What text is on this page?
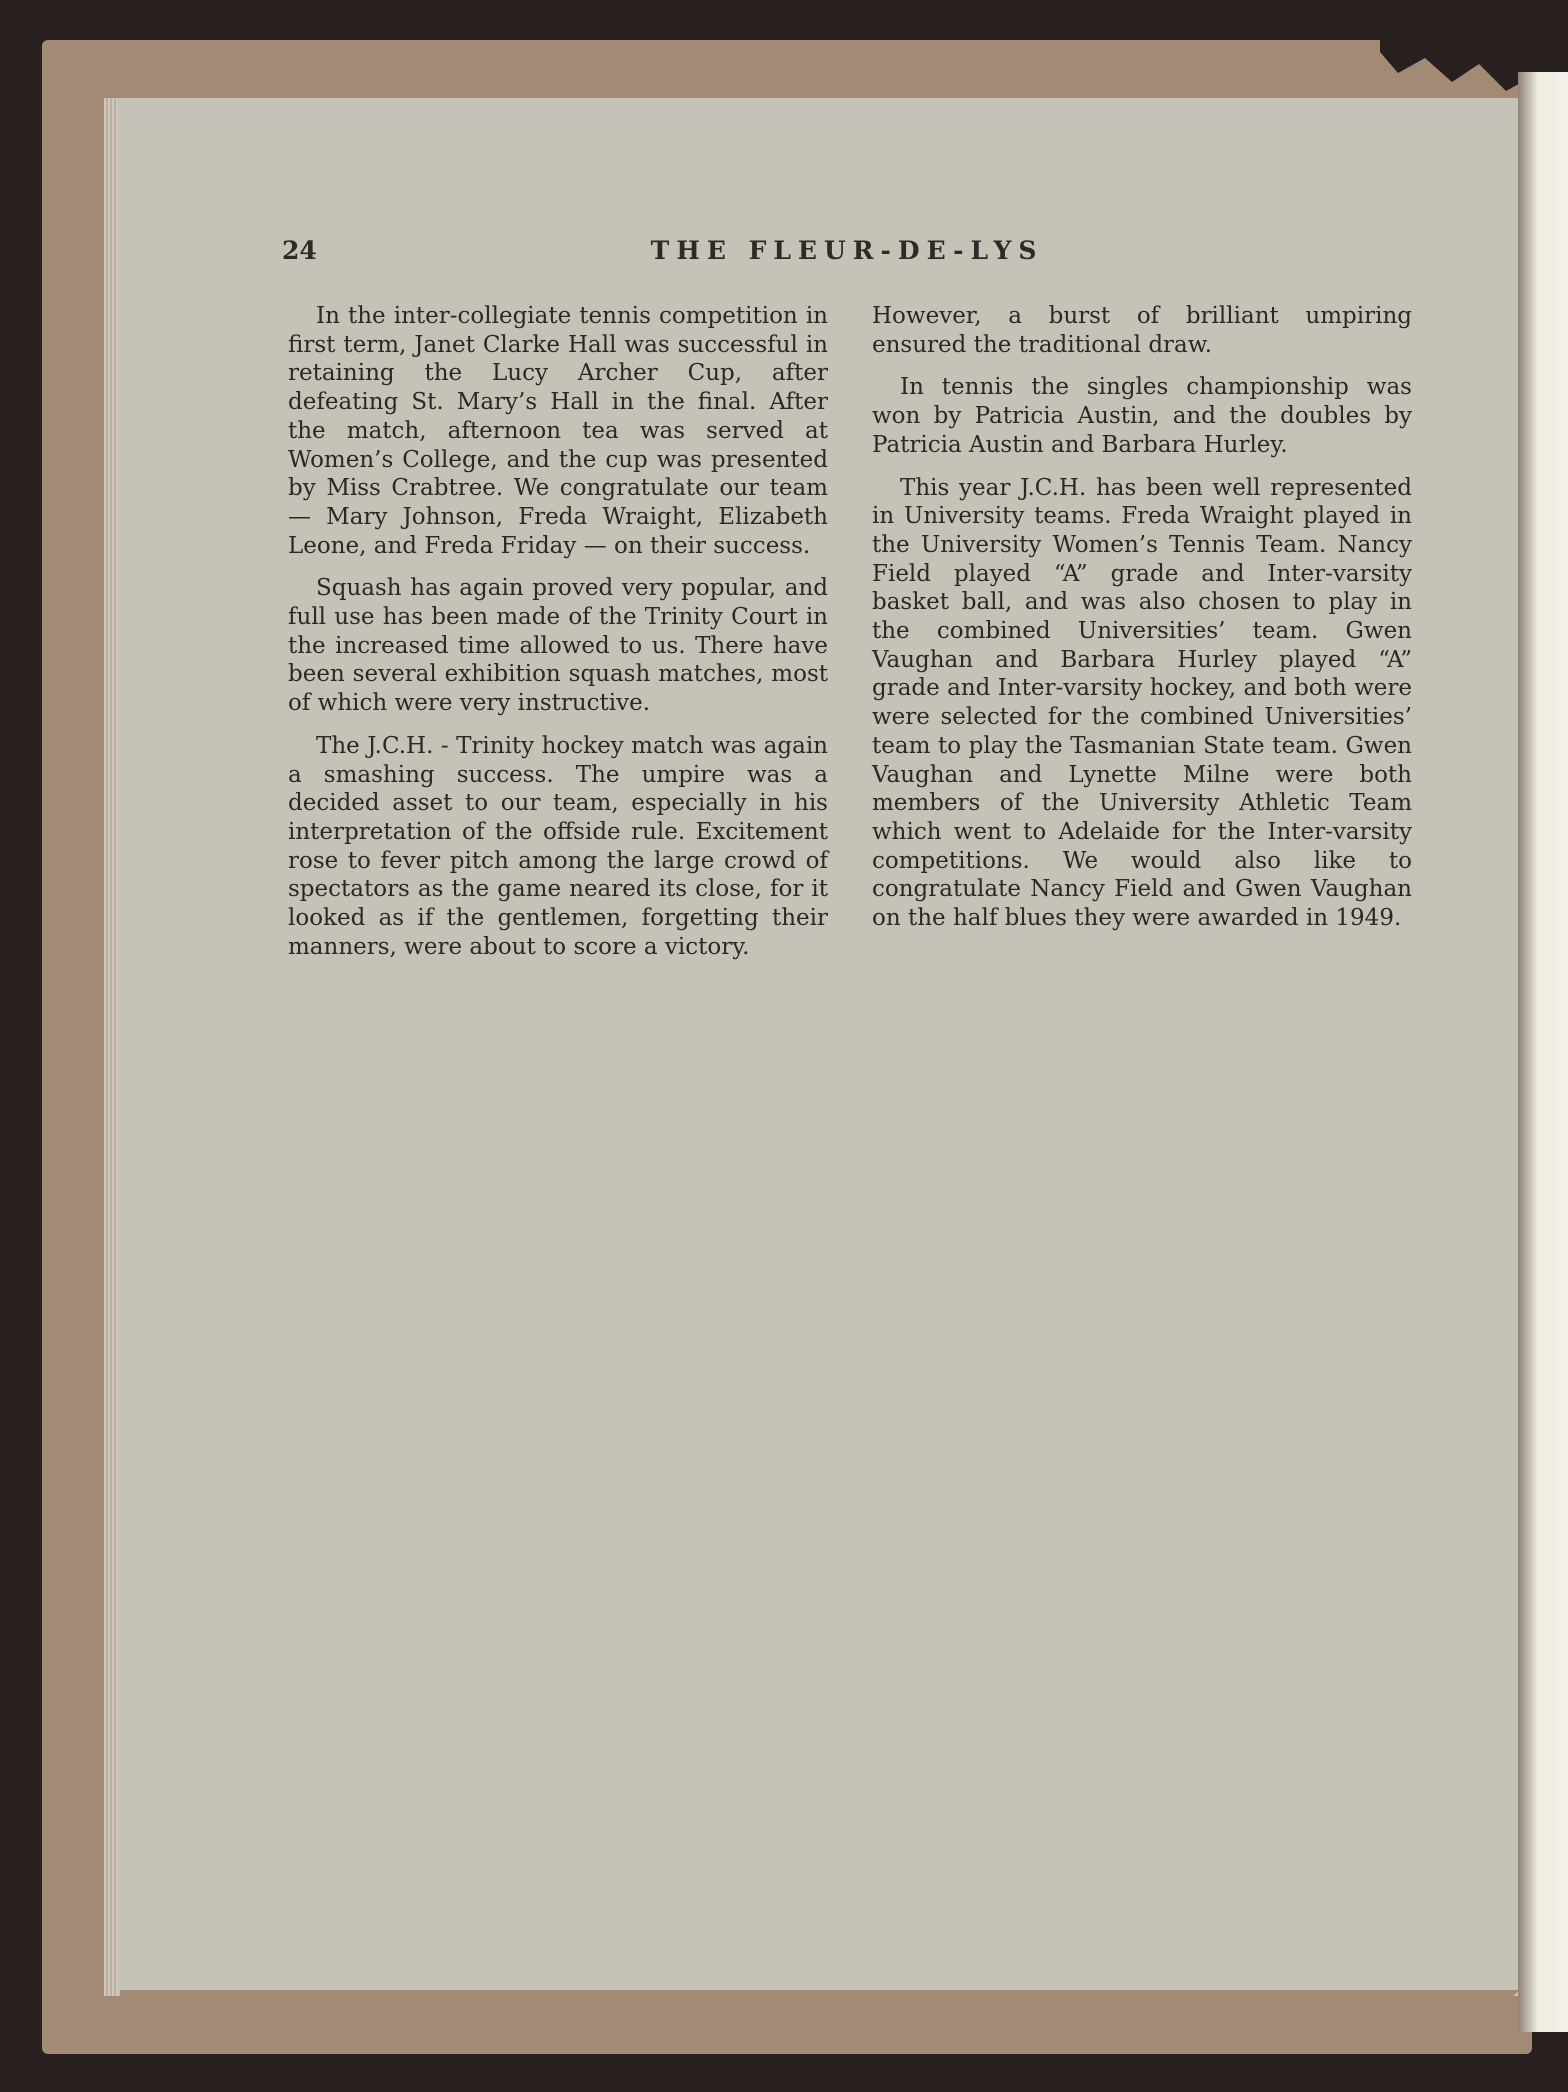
24	THE FLEUR-DE-LYS

In the inter-collegiate tennis competition in first term, Janet Clarke Hall was successful in retaining the Lucy Archer Cup, after defeating St. Mary’s Hall in the final. After the match, afternoon tea was served at Women’s College, and the cup was presented by Miss Crabtree. We congratulate our team — Mary Johnson, Freda Wraight, Elizabeth Leone, and Freda Friday — on their success.

Squash has again proved very popular, and full use has been made of the Trinity Court in the increased time allowed to us. There have been several exhibition squash matches, most of which were very instructive.

The J.C.H. - Trinity hockey match was again a smashing success. The umpire was a decided asset to our team, especially in his interpretation of the offside rule. Excitement rose to fever pitch among the large crowd of spectators as the game neared its close, for it looked as if the gentlemen, forgetting their manners, were about to score a victory.

However, a burst of brilliant umpiring ensured the traditional draw.

In tennis the singles championship was won by Patricia Austin, and the doubles by Patricia Austin and Barbara Hurley.

This year J.C.H. has been well represented in University teams. Freda Wraight played in the University Women’s Tennis Team. Nancy Field played “A” grade and Inter-varsity basket ball, and was also chosen to play in the combined Universities’ team. Gwen Vaughan and Barbara Hurley played “A” grade and Inter-varsity hockey, and both were were selected for the combined Universities’ team to play the Tasmanian State team. Gwen Vaughan and Lynette Milne were both members of the University Athletic Team which went to Adelaide for the Inter-varsity competitions. We would also like to congratulate Nancy Field and Gwen Vaughan on the half blues they were awarded in 1949.
